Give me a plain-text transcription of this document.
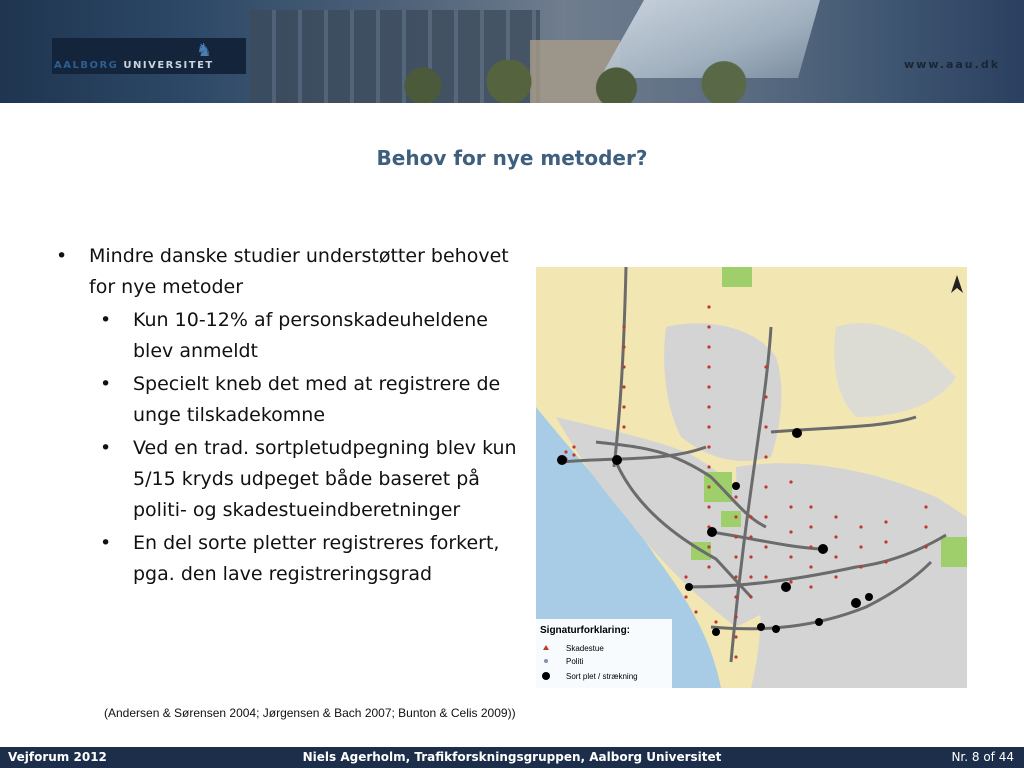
♞
AALBORG UNIVERSITET	www.aau.dk
Behov for nye metoder?
• Mindre danske studier understøtter behovet for nye metoder
• Kun 10-12% af personskadeuheldene blev anmeldt
• Specielt kneb det med at registrere de unge tilskadekomne
• Ved en trad. sortpletudpegning blev kun 5/15 kryds udpeget både baseret på politi- og skadestueindberetninger
• En del sorte pletter registreres forkert, pga. den lave registreringsgrad
Signaturforklaring:
Skadestue
Politi
Sort plet / strækning
(Andersen & Sørensen 2004; Jørgensen & Bach 2007; Bunton & Celis 2009))
Vejforum 2012	Niels Agerholm, Trafikforskningsgruppen, Aalborg Universitet	Nr. 8 of 44
